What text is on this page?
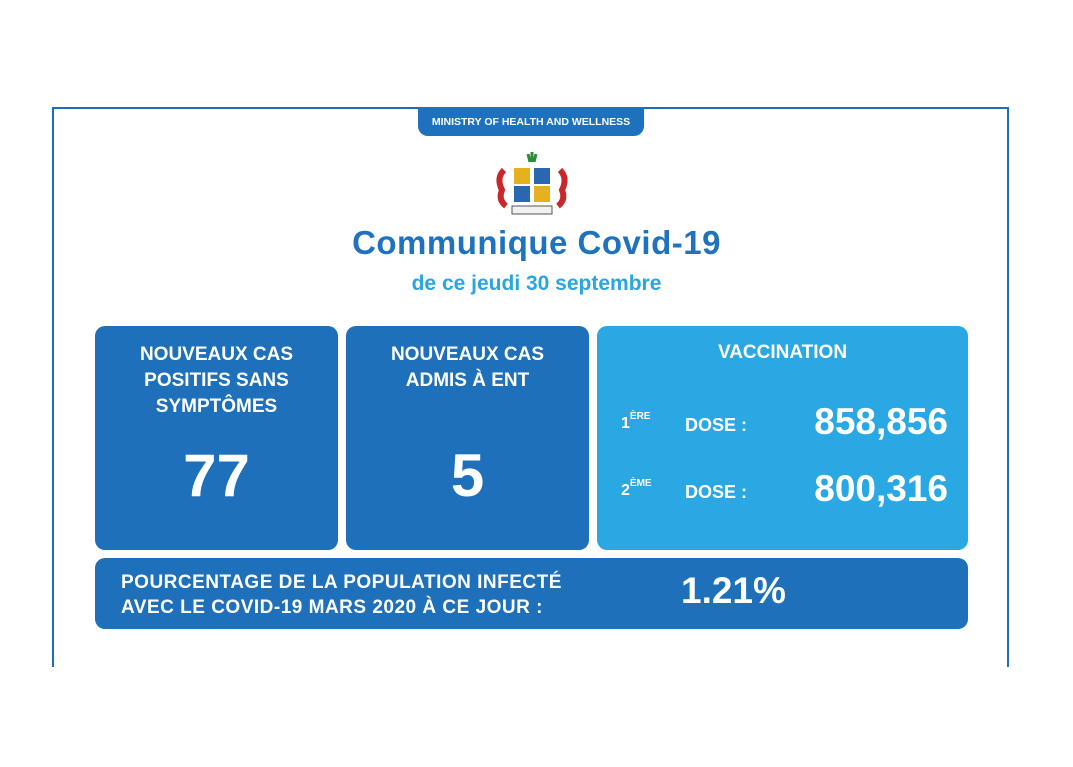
MINISTRY OF HEALTH AND WELLNESS
Communique Covid-19
de ce jeudi 30 septembre
NOUVEAUX CAS
POSITIFS SANS
SYMPTÔMES
77
NOUVEAUX CAS
ADMIS À ENT
5
VACCINATION
1ÈRE DOSE : 858,856
2ÈME DOSE : 800,316
POURCENTAGE DE LA POPULATION INFECTÉ
AVEC LE COVID-19 MARS 2020 À CE JOUR :	1.21%
